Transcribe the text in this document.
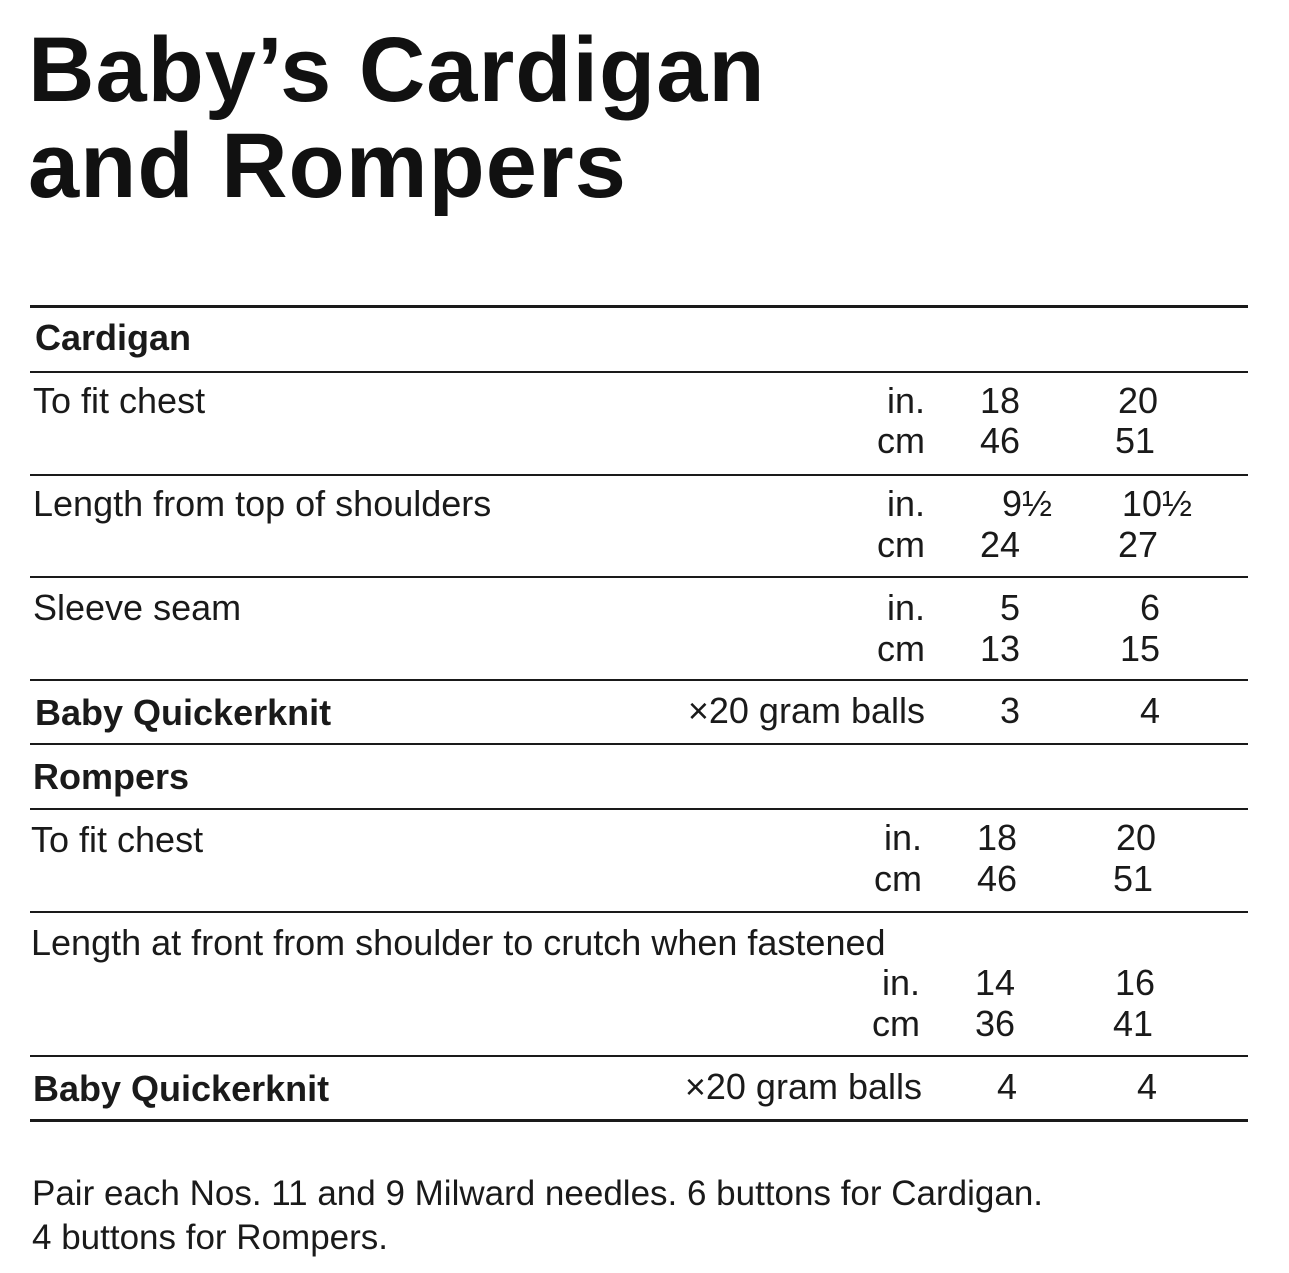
Baby’s Cardigan
and Rompers
Cardigan
To fit chest	in.	18	20
cm	46	51
Length from top of shoulders	in.	9½ 10½
cm	24	27
Sleeve seam	in.	5	6
cm	13	15
Baby Quickerknit	×20 gram balls	3	4
Rompers
To fit chest	in.	18	20
cm	46	51
Length at front from shoulder to crutch when fastened
in.	14	16
cm	36	41
Baby Quickerknit	×20 gram balls	4	4

Pair each Nos. 11 and 9 Milward needles. 6 buttons for Cardigan.
4 buttons for Rompers.
